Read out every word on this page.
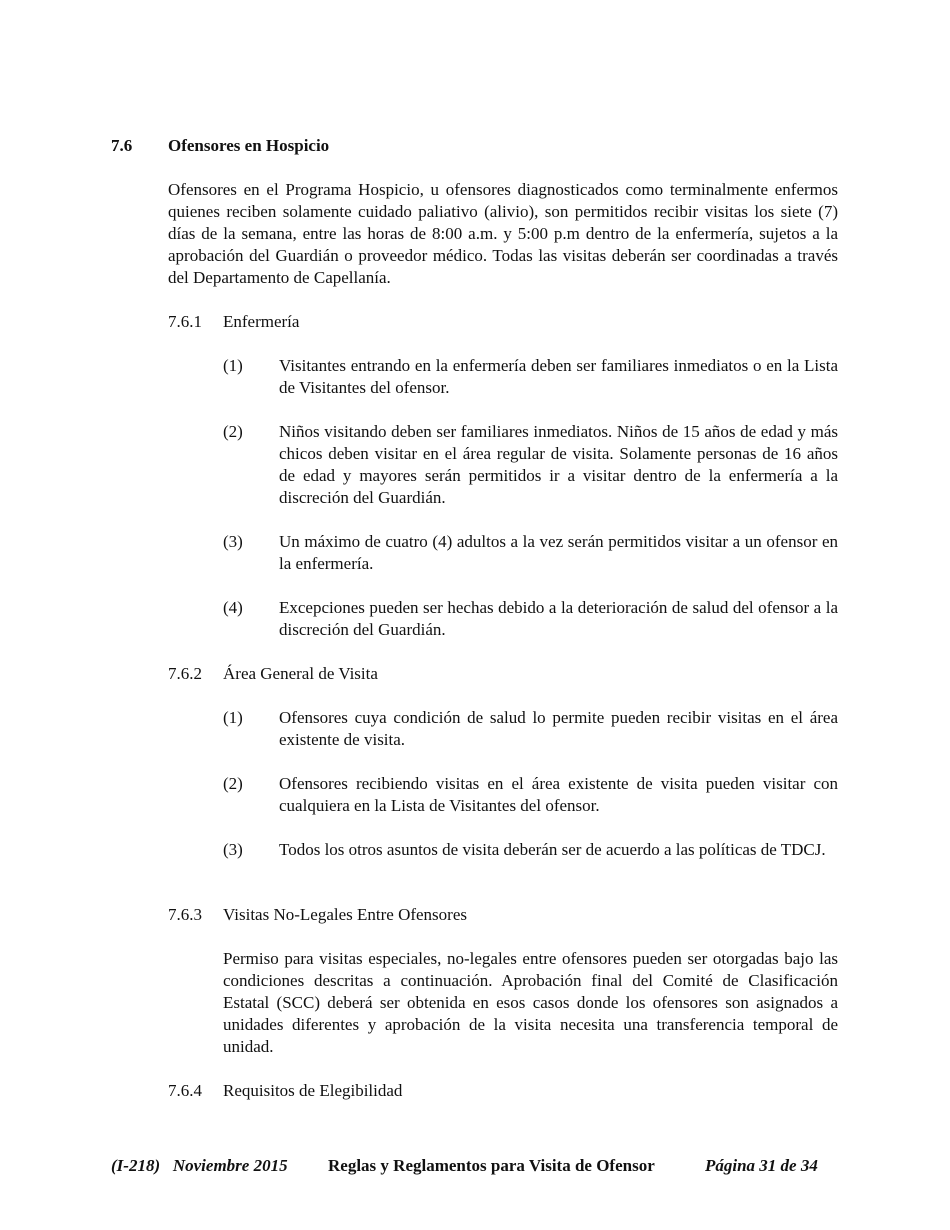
7.6 Ofensores en Hospicio
Ofensores en el Programa Hospicio, u ofensores diagnosticados como terminalmente enfermos quienes reciben solamente cuidado paliativo (alivio), son permitidos recibir visitas los siete (7) días de la semana, entre las horas de 8:00 a.m. y 5:00 p.m dentro de la enfermería, sujetos a la aprobación del Guardián o proveedor médico. Todas las visitas deberán ser coordinadas a través del Departamento de Capellanía.
7.6.1 Enfermería
(1) Visitantes entrando en la enfermería deben ser familiares inmediatos o en la Lista de Visitantes del ofensor.
(2) Niños visitando deben ser familiares inmediatos. Niños de 15 años de edad y más chicos deben visitar en el área regular de visita. Solamente personas de 16 años de edad y mayores serán permitidos ir a visitar dentro de la enfermería a la discreción del Guardián.
(3) Un máximo de cuatro (4) adultos a la vez serán permitidos visitar a un ofensor en la enfermería.
(4) Excepciones pueden ser hechas debido a la deterioración de salud del ofensor a la discreción del Guardián.
7.6.2 Área General de Visita
(1) Ofensores cuya condición de salud lo permite pueden recibir visitas en el área existente de visita.
(2) Ofensores recibiendo visitas en el área existente de visita pueden visitar con cualquiera en la Lista de Visitantes del ofensor.
(3) Todos los otros asuntos de visita deberán ser de acuerdo a las políticas de TDCJ.
7.6.3 Visitas No-Legales Entre Ofensores
Permiso para visitas especiales, no-legales entre ofensores pueden ser otorgadas bajo las condiciones descritas a continuación. Aprobación final del Comité de Clasificación Estatal (SCC) deberá ser obtenida en esos casos donde los ofensores son asignados a unidades diferentes y aprobación de la visita necesita una transferencia temporal de unidad.
7.6.4 Requisitos de Elegibilidad
(I-218)   Noviembre 2015 Reglas y Reglamentos para Visita de Ofensor	Página 31 de 34
